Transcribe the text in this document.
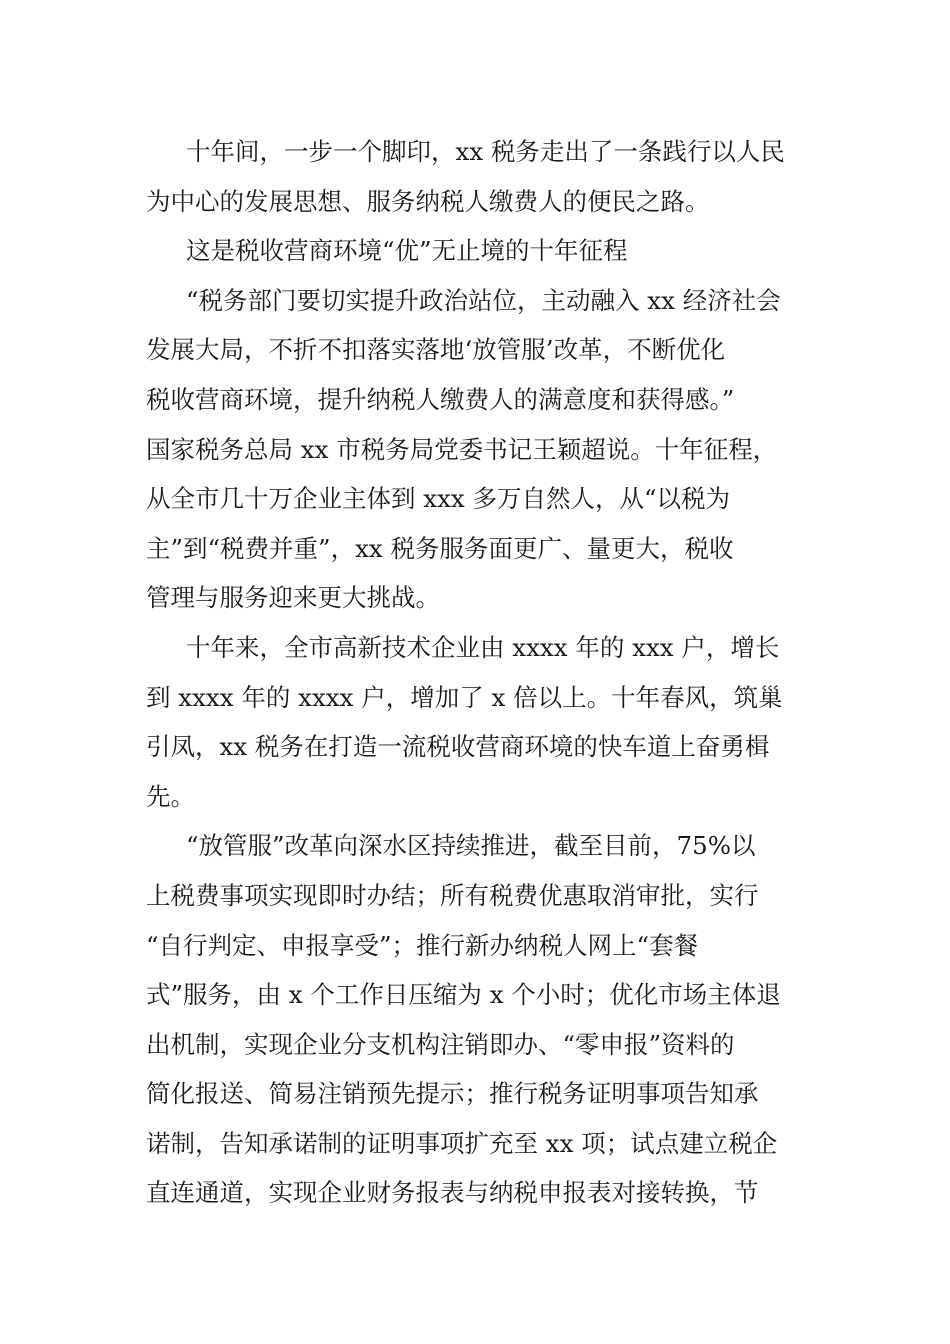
十年间，一步一个脚印，xx 税务走出了一条践行以人民
为中心的发展思想、服务纳税人缴费人的便民之路。
这是税收营商环境“优”无止境的十年征程
“税务部门要切实提升政治站位，主动融入 xx 经济社会
发展大局，不折不扣落实落地‘放管服’改革，不断优化
税收营商环境，提升纳税人缴费人的满意度和获得感。”
国家税务总局 xx 市税务局党委书记王颖超说。十年征程，
从全市几十万企业主体到 xxx 多万自然人，从“以税为
主”到“税费并重”，xx 税务服务面更广、量更大，税收
管理与服务迎来更大挑战。
十年来，全市高新技术企业由 xxxx 年的 xxx 户，增长
到 xxxx 年的 xxxx 户，增加了 x 倍以上。十年春风，筑巢
引凤，xx 税务在打造一流税收营商环境的快车道上奋勇楫
先。
“放管服”改革向深水区持续推进，截至目前，75%以
上税费事项实现即时办结；所有税费优惠取消审批，实行
“自行判定、申报享受”；推行新办纳税人网上“套餐
式”服务，由 x 个工作日压缩为 x 个小时；优化市场主体退
出机制，实现企业分支机构注销即办、“零申报”资料的
简化报送、简易注销预先提示；推行税务证明事项告知承
诺制，告知承诺制的证明事项扩充至 xx 项；试点建立税企
直连通道，实现企业财务报表与纳税申报表对接转换，节
